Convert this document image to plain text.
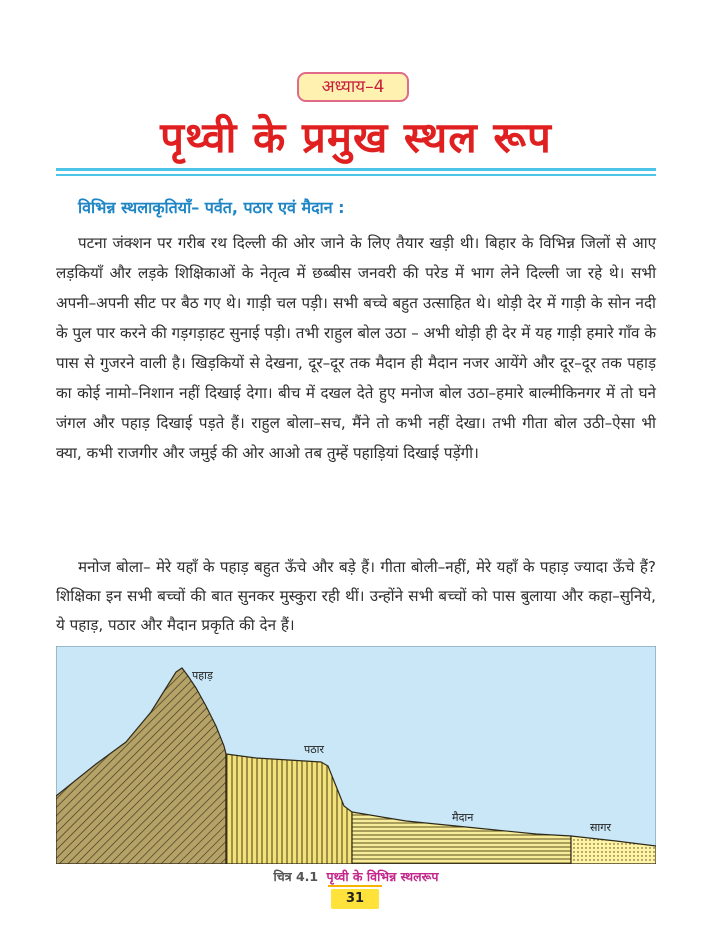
अध्याय–4
पृथ्वी के प्रमुख स्थल रूप
विभिन्न स्थलाकृतियाँ– पर्वत, पठार एवं मैदान :

पटना जंक्शन पर गरीब रथ दिल्ली की ओर जाने के लिए तैयार खड़ी थी। बिहार के विभिन्न जिलों से आए लड़कियाँ और लड़के शिक्षिकाओं के नेतृत्व में छब्बीस जनवरी की परेड में भाग लेने दिल्ली जा रहे थे। सभी अपनी–अपनी सीट पर बैठ गए थे। गाड़ी चल पड़ी। सभी बच्चे बहुत उत्साहित थे। थोड़ी देर में गाड़ी के सोन नदी के पुल पार करने की गड़गड़ाहट सुनाई पड़ी। तभी राहुल बोल उठा – अभी थोड़ी ही देर में यह गाड़ी हमारे गाँव के पास से गुजरने वाली है। खिड़कियों से देखना, दूर–दूर तक मैदान ही मैदान नजर आयेंगे और दूर–दूर तक पहाड़ का कोई नामो–निशान नहीं दिखाई देगा। बीच में दखल देते हुए मनोज बोल उठा–हमारे बाल्मीकिनगर में तो घने जंगल और पहाड़ दिखाई पड़ते हैं। राहुल बोला–सच, मैंने तो कभी नहीं देखा। तभी गीता बोल उठी–ऐसा भी क्या, कभी राजगीर और जमुई की ओर आओ तब तुम्हें पहाड़ियां दिखाई पड़ेंगी।

मनोज बोला– मेरे यहाँ के पहाड़ बहुत ऊँचे और बड़े हैं। गीता बोली–नहीं, मेरे यहाँ के पहाड़ ज्यादा ऊँचे हैं? शिक्षिका इन सभी बच्चों की बात सुनकर मुस्कुरा रही थीं। उन्होंने सभी बच्चों को पास बुलाया और कहा–सुनिये, ये पहाड़, पठार और मैदान प्रकृति की देन हैं।

पहाड़
पठार
मैदान
सागर

चित्र 4.1 पृथ्वी के विभिन्न स्थलरूप

31
